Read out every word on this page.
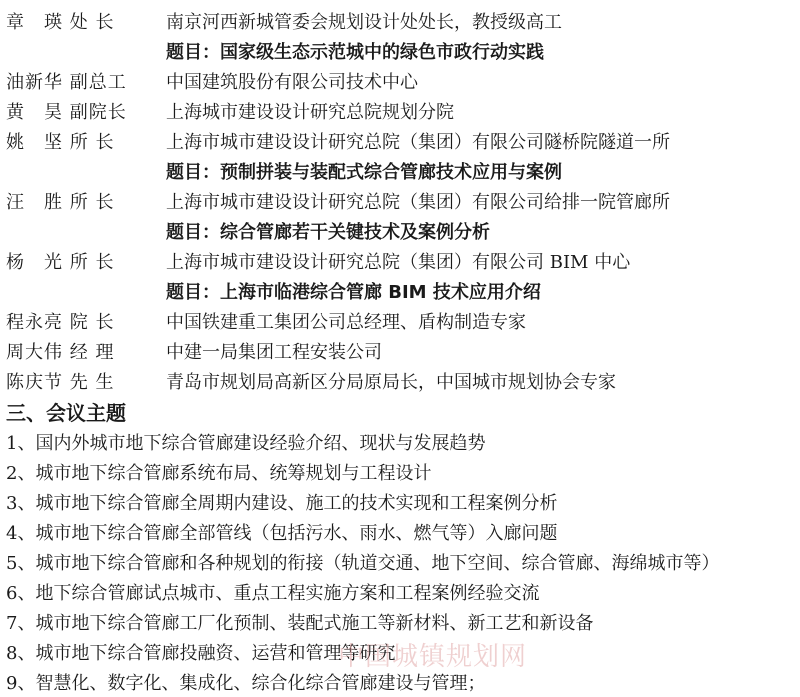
章　瑛 处 长	南京河西新城管委会规划设计处处长，教授级高工
题目：国家级生态示范城中的绿色市政行动实践
油新华 副总工	中国建筑股份有限公司技术中心
黄　昊 副院长	上海城市建设设计研究总院规划分院
姚　坚 所 长	上海市城市建设设计研究总院（集团）有限公司隧桥院隧道一所
题目：预制拼装与装配式综合管廊技术应用与案例
汪　胜 所 长	上海市城市建设设计研究总院（集团）有限公司给排一院管廊所
题目：综合管廊若干关键技术及案例分析
杨　光 所 长	上海市城市建设设计研究总院（集团）有限公司 BIM 中心
题目：上海市临港综合管廊 BIM 技术应用介绍
程永亮 院 长	中国铁建重工集团公司总经理、盾构制造专家
周大伟 经 理	中建一局集团工程安装公司
陈庆节 先 生	青岛市规划局高新区分局原局长，中国城市规划协会专家
三、会议主题
1、国内外城市地下综合管廊建设经验介绍、现状与发展趋势
2、城市地下综合管廊系统布局、统筹规划与工程设计
3、城市地下综合管廊全周期内建设、施工的技术实现和工程案例分析
4、城市地下综合管廊全部管线（包括污水、雨水、燃气等）入廊问题
5、城市地下综合管廊和各种规划的衔接（轨道交通、地下空间、综合管廊、海绵城市等）
6、地下综合管廊试点城市、重点工程实施方案和工程案例经验交流
7、城市地下综合管廊工厂化预制、装配式施工等新材料、新工艺和新设备
8、城市地下综合管廊投融资、运营和管理等研究
9、智慧化、数字化、集成化、综合化综合管廊建设与管理；
中国城镇规划网
